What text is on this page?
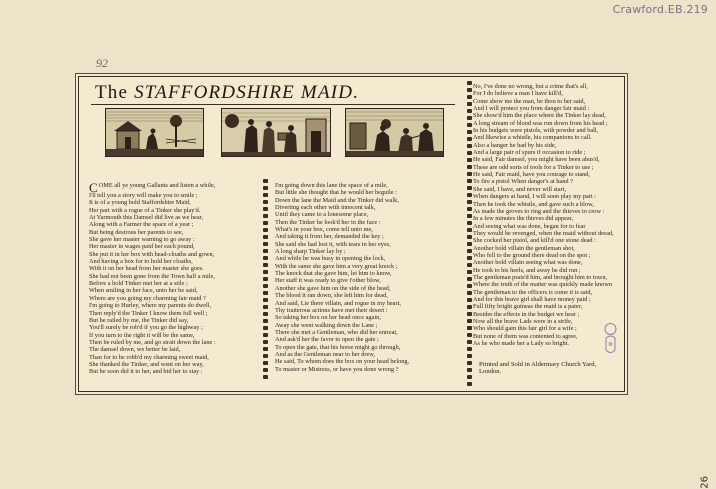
Crawford.EB.219
26
92
The STAFFORDSHIRE MAID.
COME all ye young Gallants and listen a while,
I'll tell you a story will make you to smile ;
It is of a young bold Staffordshire Maid,
Her part with a rogue of a Tinker she play'd.
At Yarmouth this Damsel did live as we hear,
Along with a Farmer the space of a year ;
But being desirous her parents to see,
She gave her master warning to go away :
Her master in wages paid her each pound,
She put it in her box with head-cloaths and gown,
And having a box for to hold her cloaths,
With it on her head from her master she goes.
She had not been gone from the Town half a mile,
Before a bold Tinker met her at a stile ;
When smiling in her face, unto her he said,
Where are you going my charming fair maid ?
I'm going to Hurley, where my parents do dwell,
Then reply'd the Tinker I know them full well ;
But he railed by me, the Tinker did say,
You'll surely be rob'd if you go the highway ;
If you turn to the right it will be the same,
Then be ruled by me, and go strait down the lane :
The damsel down, we better be laid,
Than for to be robb'd my charming sweet maid,
She thanked the Tinker, and went on her way,
But he soon did it to her, and bid her to stay :
I'm going down this lane the space of a mile,
But little she thought that he would her beguile :
Down the lane the Maid and the Tinker did walk,
Diverting each other with innocent talk,
Until they came to a lonesome place,
Then the Tinker he look'd her in the face :
What's in your box, come tell unto me,
And taking it from her, demanded the key ;
She said she had lost it, with tears in her eyes,
A long sharp Tinker lay by ;
And while he was busy in opening the lock,
With the same she gave him a very great knock ;
The knock that she gave him, let him to know,
Her staff it was ready to give t'other blow,
Another she gave him on the side of the head,
The blood it ran down, she left him for dead,
And said, Lie there villain, and rogue in my heart,
Thy traiterous actions have met their desert :
So taking her box on her head once again,
Away she went walking down the Lane ;
There she met a Gentleman, who did her entreat,
And ask'd her the favor to open the gate ;
To open the gate, that his horse might go through,
And as the Gentleman near to her drew,
He said, To whom does the box on your head belong,
To master or Mistress, or have you done wrong ?
No, I've done no wrong, but a crime that's all,
For I do believe a man I have kill'd,
Come show me the man, be thou to her said,
And I will protect you from danger fair maid :
She show'd him the place where the Tinker lay dead,
A long stream of blood was run down from his head ;
In his budgets were pistols, with powder and ball,
And likewise a whistle, his companions to call.
Also a hanger he had by his side,
And a large pair of spurs if occasion to ride ;
He said, Fair damsel, you might have been abus'd,
These are odd sorts of tools for a Tinker to use ;
He said, Fair maid, have you courage to stand,
To fire a pistol When danger's at hand ?
She said, I have, and never will start,
When dangers at hand, I will soon play my part :
Then he took the whistle, and gave such a blow,
As made the groves to ring and the thieves to crow :
In a few minutes the thieves did appear,
And seeing what was done, began for to fear
They would be revenged, when the maid without dread,
She cocked her pistol, and kill'd one stone dead :
Another bold villain the gentleman shot,
Who fell to the ground there dead on the spot ;
Another bold villain seeing what was done,
He took to his heels, and away he did run ;
The gentleman prais'd him, and brought him to town,
Where the truth of the matter was quickly made known
The gentleman to the officers is come it is said,
And for this brave girl shall have money paid ;
Full fifty bright guineas the maid is a pater,
Besides the effects in the budget we hear ;
Now all the brave Lads were in a strife,
Who should gain this fair girl for a wife ;
But none of them was contented to agree,
As he who made her a Lady so bright.
Printed and Sold in Aldermary Church Yard, London.
